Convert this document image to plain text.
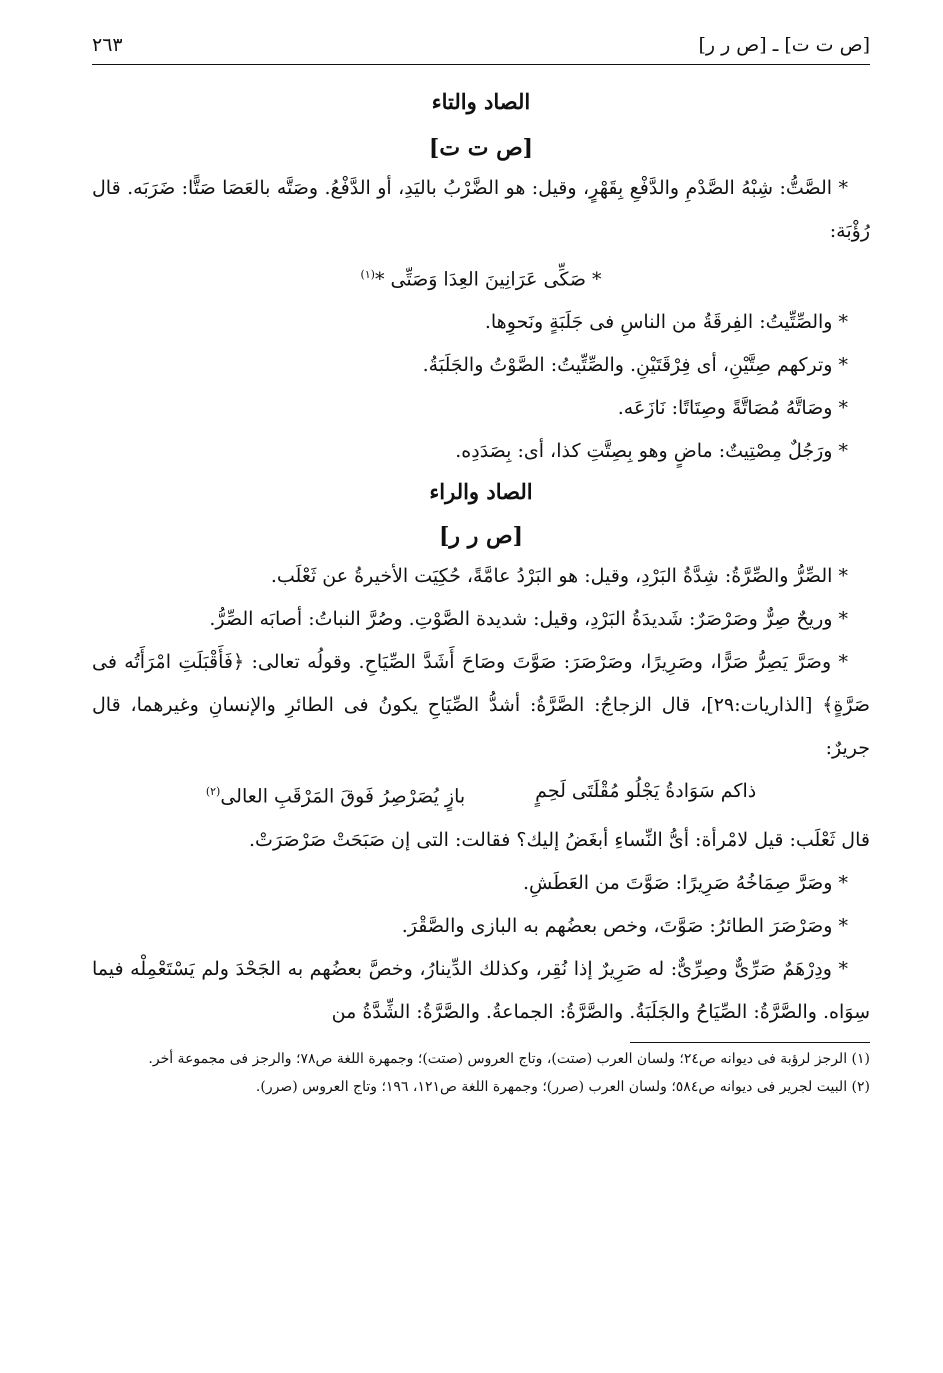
[ص ت ت] ـ [ص ر ر]
٢٦٣
الصاد والتاء
[ص ت ت]

* الصَّتُّ: شِبْهُ الصَّدْمِ والدَّفْعِ بِقَهْرٍ، وقيل: هو الضَّرْبُ باليَدِ، أو الدَّفْعُ. وصَتَّه بالعَصَا صَتًّا: ضَرَبَه. قال رُؤْبَة:

* صَكِّى عَرَانِينَ العِدَا وَصَتِّى *$^{(١)}$

* والصِّتِّيتُ: الفِرقَةُ من الناسِ فى جَلَبَةٍ ونَحوِها.

* وتركهم صِتَّيْنِ، أى فِرْقَتَيْنِ. والصِّتِّيتُ: الصَّوْتُ والجَلَبَةُ.

* وصَاتَّهُ مُصَاتَّةً وصِتَاتًا: نَازَعَه.

* ورَجُلٌ مِصْتِيتٌ: ماضٍ وهو بِصِتَّتِ كذا، أى: بِصَدَدِه.

الصاد والراء
[ص ر ر]

* الصِّرُّ والصِّرَّةُ: شِدَّةُ البَرْدِ، وقيل: هو البَرْدُ عامَّةً، حُكِيَت الأخيرةُ عن ثَعْلَب.

* وريحٌ صِرٌّ وصَرْصَرٌ: شَديدَةُ البَرْدِ، وقيل: شديدة الصَّوْتِ. وصُرَّ النباتُ: أصابَه الصِّرُّ.

* وصَرَّ يَصِرُّ صَرًّا، وصَرِيرًا، وصَرْصَرَ: صَوَّتَ وصَاحَ أَشَدَّ الصِّيَاحِ. وقولُه تعالى: ﴿فَأَقْبَلَتِ امْرَأَتُه فى صَرَّةٍ﴾ [الذاريات:٢٩]، قال الزجاجُ: الصَّرَّةُ: أشدُّ الصِّيَاحِ يكونُ فى الطائرِ والإنسانِ وغيرهما، قال جريرٌ:

ذاكم سَوَادةُ يَجْلُو مُقْلَتَى لَحِمٍ
بازٍ يُصَرْصِرُ فَوقَ المَرْقَبِ العالى$^{(٢)}$

قال ثَعْلَب: قيل لامْرأة: أىُّ النِّساءِ أبغَضُ إليك؟ فقالت: التى إن صَبَحَتْ صَرْصَرَتْ.

* وصَرَّ صِمَاخُهُ صَرِيرًا: صَوَّتَ من العَطَشِ.

* وصَرْصَرَ الطائرُ: صَوَّتَ، وخص بعضُهم به البازى والصَّقْرَ.

* ودِرْهَمٌ صَرِّىٌّ وصِرِّىٌّ: له صَرِيرٌ إذا نُقِر، وكذلك الدِّينارُ، وخصَّ بعضُهم به الجَحْدَ ولم يَسْتَعْمِلْه فيما سِوَاه. والصَّرَّةُ: الصِّيَاحُ والجَلَبَةُ. والصَّرَّةُ: الجماعةُ. والصَّرَّةُ: الشِّدَّةُ من

(١) الرجز لرؤبة فى ديوانه ص٢٤؛ ولسان العرب (صتت)، وتاج العروس (صتت)؛ وجمهرة اللغة ص٧٨؛ والرجز فى مجموعة أخر.

(٢) البيت لجرير فى ديوانه ص٥٨٤؛ ولسان العرب (صرر)؛ وجمهرة اللغة ص١٢١، ١٩٦؛ وتاج العروس (صرر).
